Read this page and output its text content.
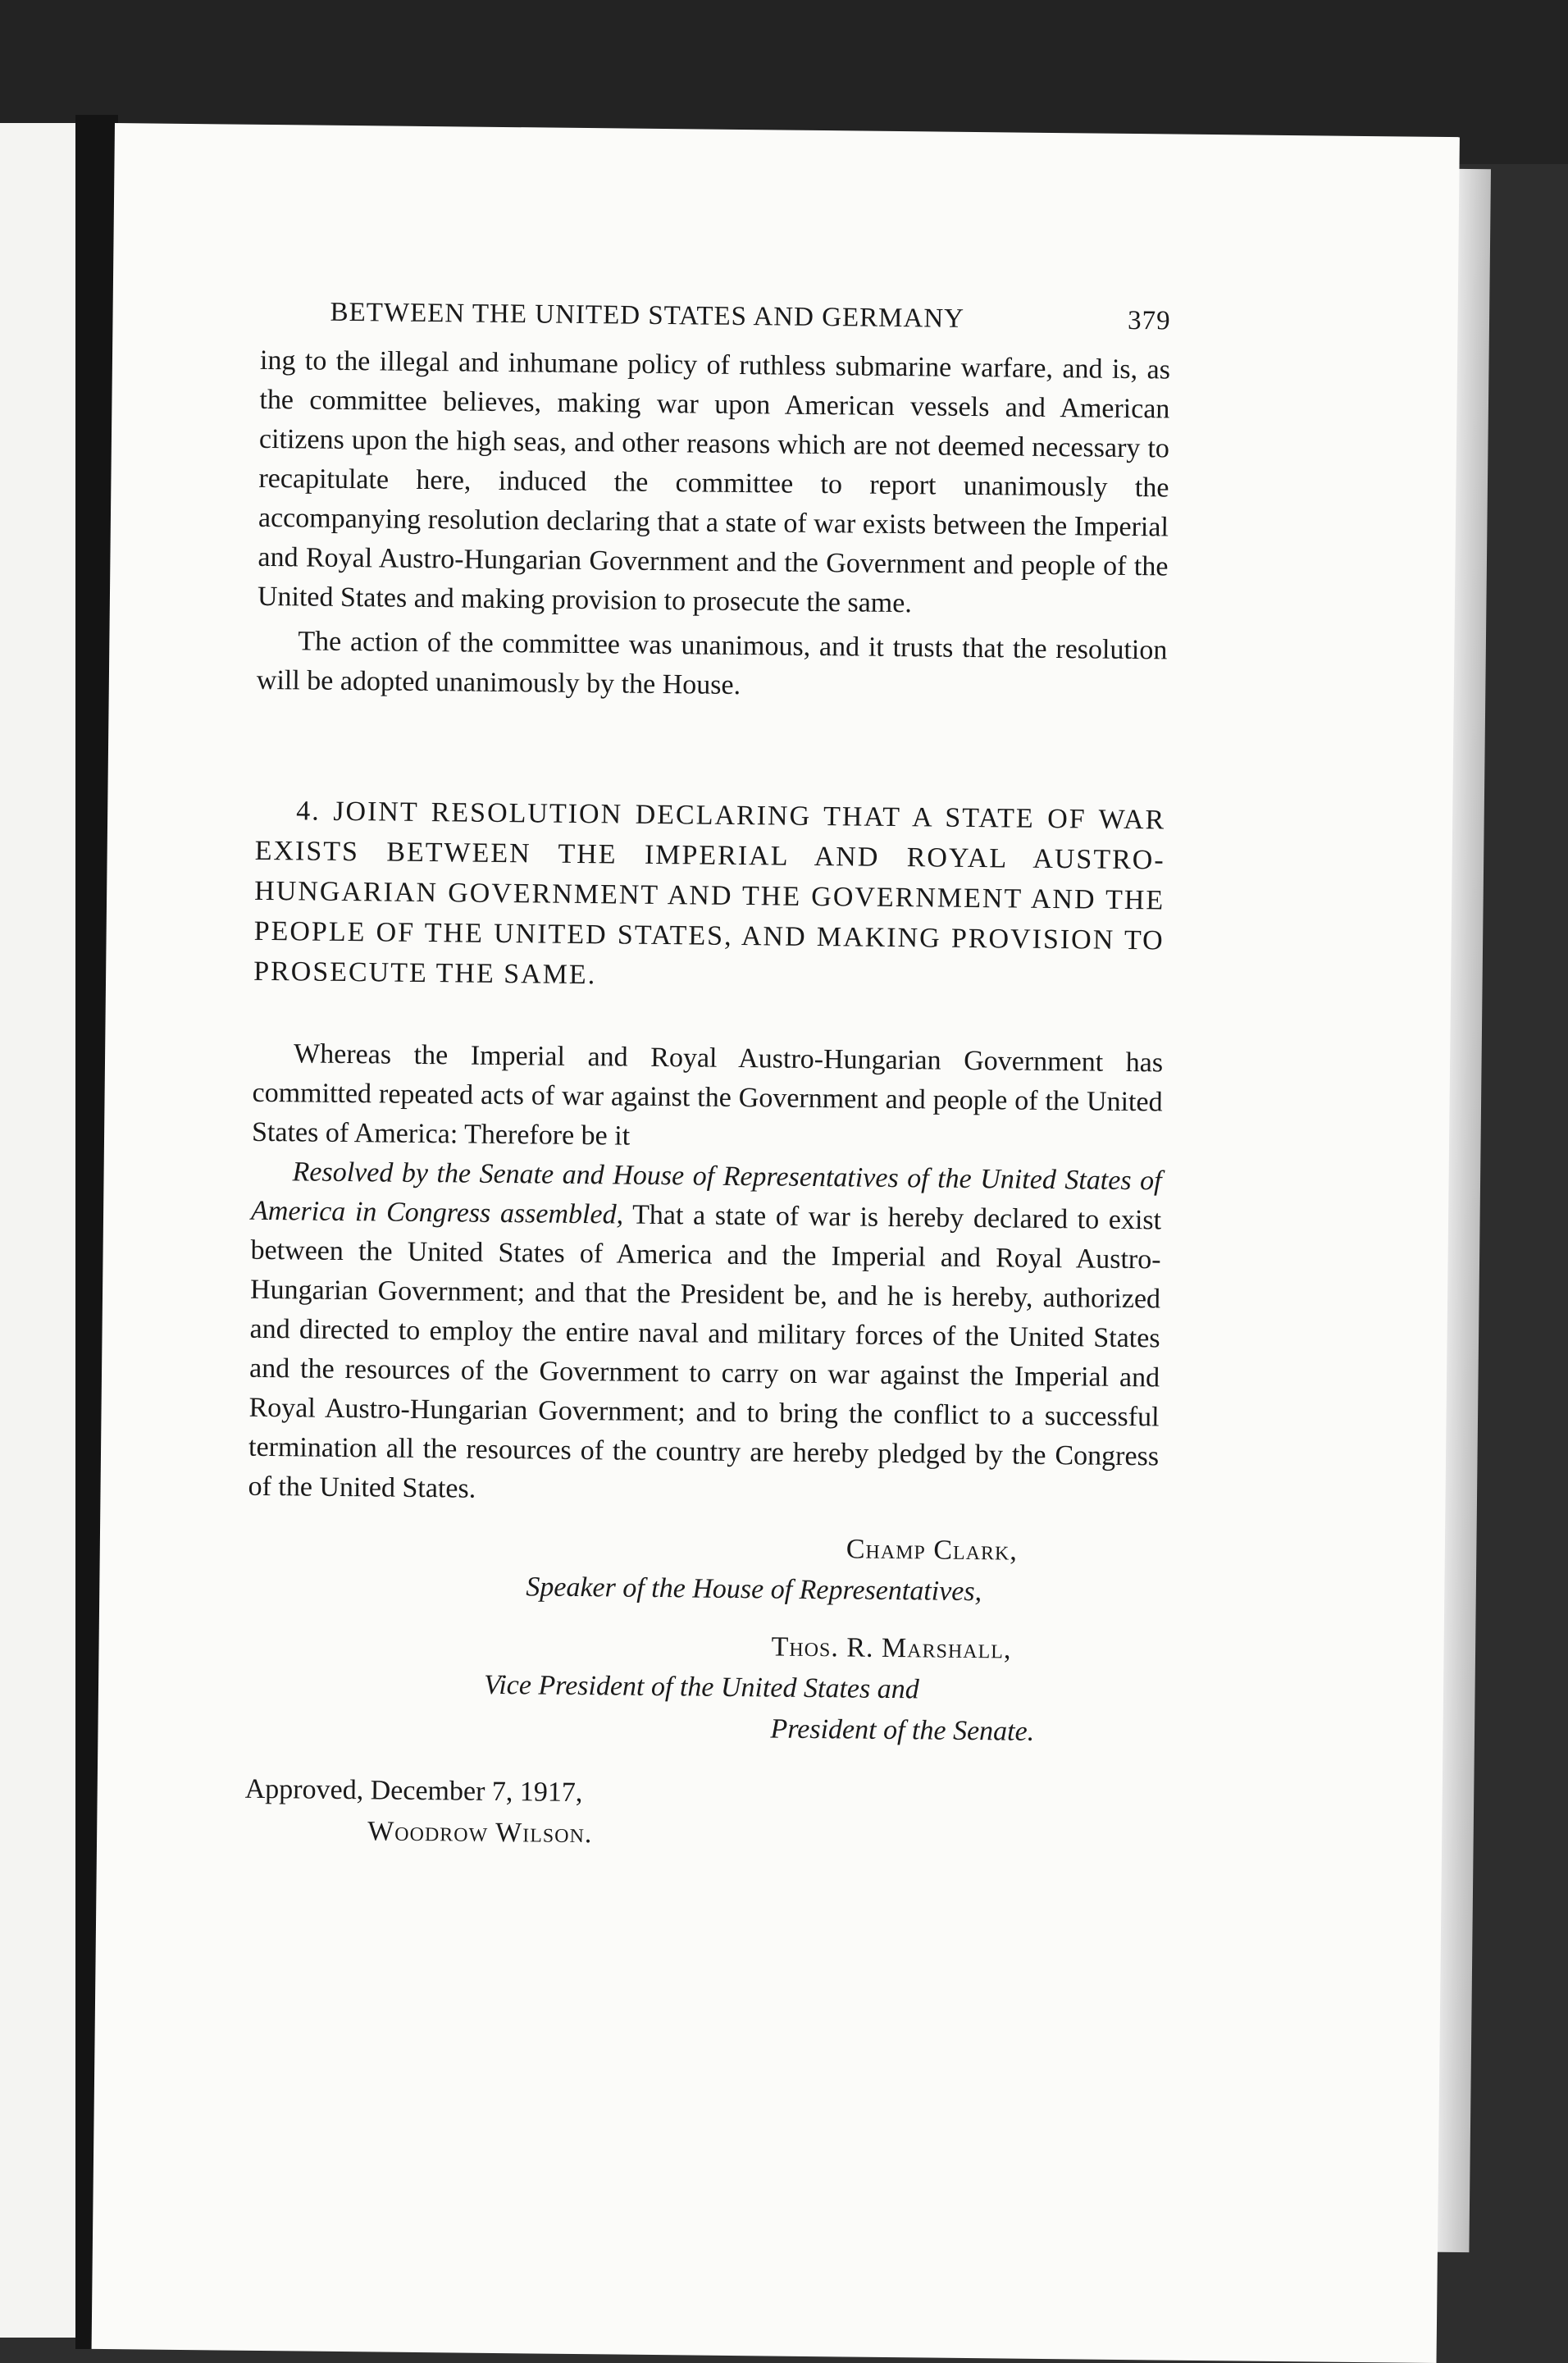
BETWEEN THE UNITED STATES AND GERMANY	379

ing to the illegal and inhumane policy of ruthless submarine warfare, and is, as the committee believes, making war upon American vessels and American citizens upon the high seas, and other reasons which are not deemed necessary to recapitulate here, induced the committee to report unanimously the accompanying resolution declaring that a state of war exists between the Imperial and Royal Austro-Hungarian Government and the Government and people of the United States and making provision to prosecute the same.

The action of the committee was unanimous, and it trusts that the resolution will be adopted unanimously by the House.

4. JOINT RESOLUTION DECLARING THAT A STATE OF WAR EXISTS BETWEEN THE IMPERIAL AND ROYAL AUSTRO-HUNGARIAN GOVERNMENT AND THE GOVERNMENT AND THE PEOPLE OF THE UNITED STATES, AND MAKING PROVISION TO PROSECUTE THE SAME.

Whereas the Imperial and Royal Austro-Hungarian Government has committed repeated acts of war against the Government and people of the United States of America: Therefore be it

Resolved by the Senate and House of Representatives of the United States of America in Congress assembled, That a state of war is hereby declared to exist between the United States of America and the Imperial and Royal Austro-Hungarian Government; and that the President be, and he is hereby, authorized and directed to employ the entire naval and military forces of the United States and the resources of the Government to carry on war against the Imperial and Royal Austro-Hungarian Government; and to bring the conflict to a successful termination all the resources of the country are hereby pledged by the Congress of the United States.

Champ Clark,
Speaker of the House of Representatives,
Thos. R. Marshall,
Vice President of the United States and
President of the Senate.
Approved, December 7, 1917,
Woodrow Wilson.
